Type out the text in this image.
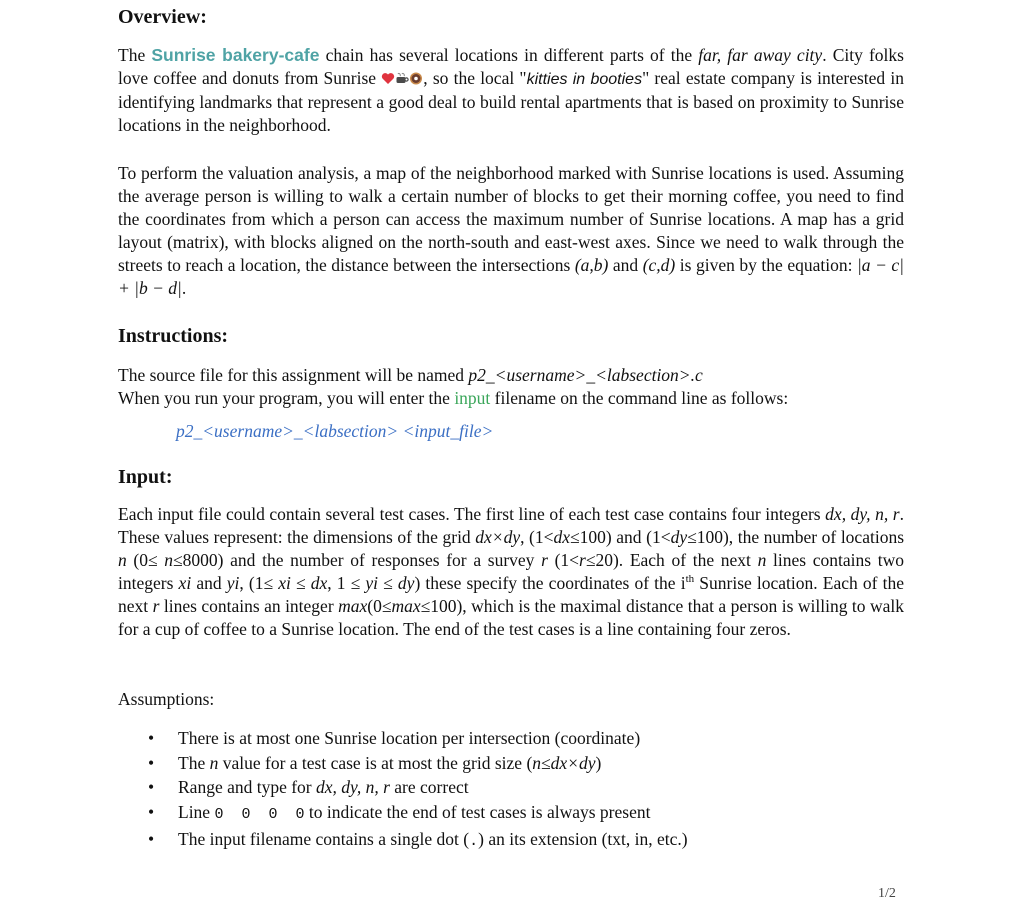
Overview:
The Sunrise bakery-cafe chain has several locations in different parts of the far, far away city. City folks love coffee and donuts from Sunrise , so the local "kitties in booties" real estate company is interested in identifying landmarks that represent a good deal to build rental apartments that is based on proximity to Sunrise locations in the neighborhood.
To perform the valuation analysis, a map of the neighborhood marked with Sunrise locations is used. Assuming the average person is willing to walk a certain number of blocks to get their morning coffee, you need to find the coordinates from which a person can access the maximum number of Sunrise locations. A map has a grid layout (matrix), with blocks aligned on the north-south and east-west axes. Since we need to walk through the streets to reach a location, the distance between the intersections (a,b) and (c,d) is given by the equation: |a − c| + |b − d|.
Instructions:
The source file for this assignment will be named p2_<username>_<labsection>.c
When you run your program, you will enter the input filename on the command line as follows:
p2_<username>_<labsection> <input_file>
Input:
Each input file could contain several test cases. The first line of each test case contains four integers dx, dy, n, r. These values represent: the dimensions of the grid dx×dy, (1<dx≤100) and (1<dy≤100), the number of locations n (0≤ n≤8000) and the number of responses for a survey r (1<r≤20). Each of the next n lines contains two integers xi and yi, (1≤ xi ≤ dx, 1 ≤ yi ≤ dy) these specify the coordinates of the $i^{th}$ Sunrise location. Each of the next r lines contains an integer max(0≤max≤100), which is the maximal distance that a person is willing to walk for a cup of coffee to a Sunrise location. The end of the test cases is a line containing four zeros.
Assumptions:
• There is at most one Sunrise location per intersection (coordinate)
• The n value for a test case is at most the grid size (n≤dx×dy)
• Range and type for dx, dy, n, r are correct
• Line 0  0  0  0 to indicate the end of test cases is always present
• The input filename contains a single dot (.) an its extension (txt, in, etc.)
1/2
